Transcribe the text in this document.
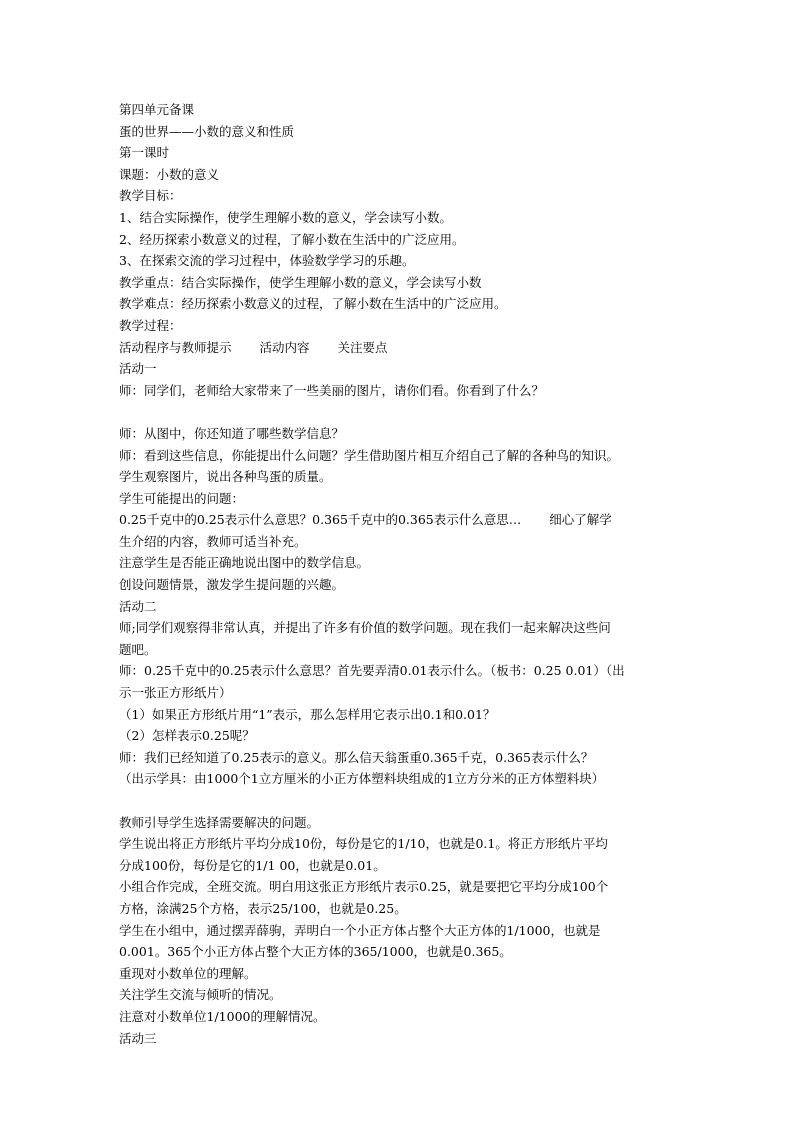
第四单元备课
蛋的世界——小数的意义和性质
第一课时
课题：小数的意义
教学目标：
1、结合实际操作，使学生理解小数的意义，学会读写小数。
2、经历探索小数意义的过程，了解小数在生活中的广泛应用。
3、在探索交流的学习过程中，体验数学学习的乐趣。
教学重点：结合实际操作，使学生理解小数的意义，学会读写小数
教学难点：经历探索小数意义的过程，了解小数在生活中的广泛应用。
教学过程：
活动程序与教师提示 活动内容 关注要点
活动一
师：同学们，老师给大家带来了一些美丽的图片，请你们看。你看到了什么？
师：从图中，你还知道了哪些数学信息？
师：看到这些信息，你能提出什么问题？学生借助图片相互介绍自己了解的各种鸟的知识。
学生观察图片，说出各种鸟蛋的质量。
学生可能提出的问题：
0.25千克中的0.25表示什么意思？0.365千克中的0.365表示什么意思… 细心了解学
生介绍的内容，教师可适当补充。
注意学生是否能正确地说出图中的数学信息。
创设问题情景，激发学生提问题的兴趣。
活动二
师;同学们观察得非常认真，并提出了许多有价值的数学问题。现在我们一起来解决这些问
题吧。
师：0.25千克中的0.25表示什么意思？首先要弄清0.01表示什么。（板书：0.25 0.01）（出
示一张正方形纸片）
（1）如果正方形纸片用“1”表示，那么怎样用它表示出0.1和0.01？
（2）怎样表示0.25呢？
师：我们已经知道了0.25表示的意义。那么信天翁蛋重0.365千克，0.365表示什么？
（出示学具：由1000个1立方厘米的小正方体塑料块组成的1立方分米的正方体塑料块）
教师引导学生选择需要解决的问题。
学生说出将正方形纸片平均分成10份，每份是它的1/10，也就是0.1。将正方形纸片平均
分成100份，每份是它的1/1 00，也就是0.01。
小组合作完成，全班交流。明白用这张正方形纸片表示0.25，就是要把它平均分成100个
方格，涂满25个方格，表示25/100，也就是0.25。
学生在小组中，通过摆弄薛驹，弄明白一个小正方体占整个大正方体的1/1000，也就是
0.001。365个小正方体占整个大正方体的365/1000，也就是0.365。
重现对小数单位的理解。
关注学生交流与倾听的情况。
注意对小数单位1/1000的理解情况。
活动三
